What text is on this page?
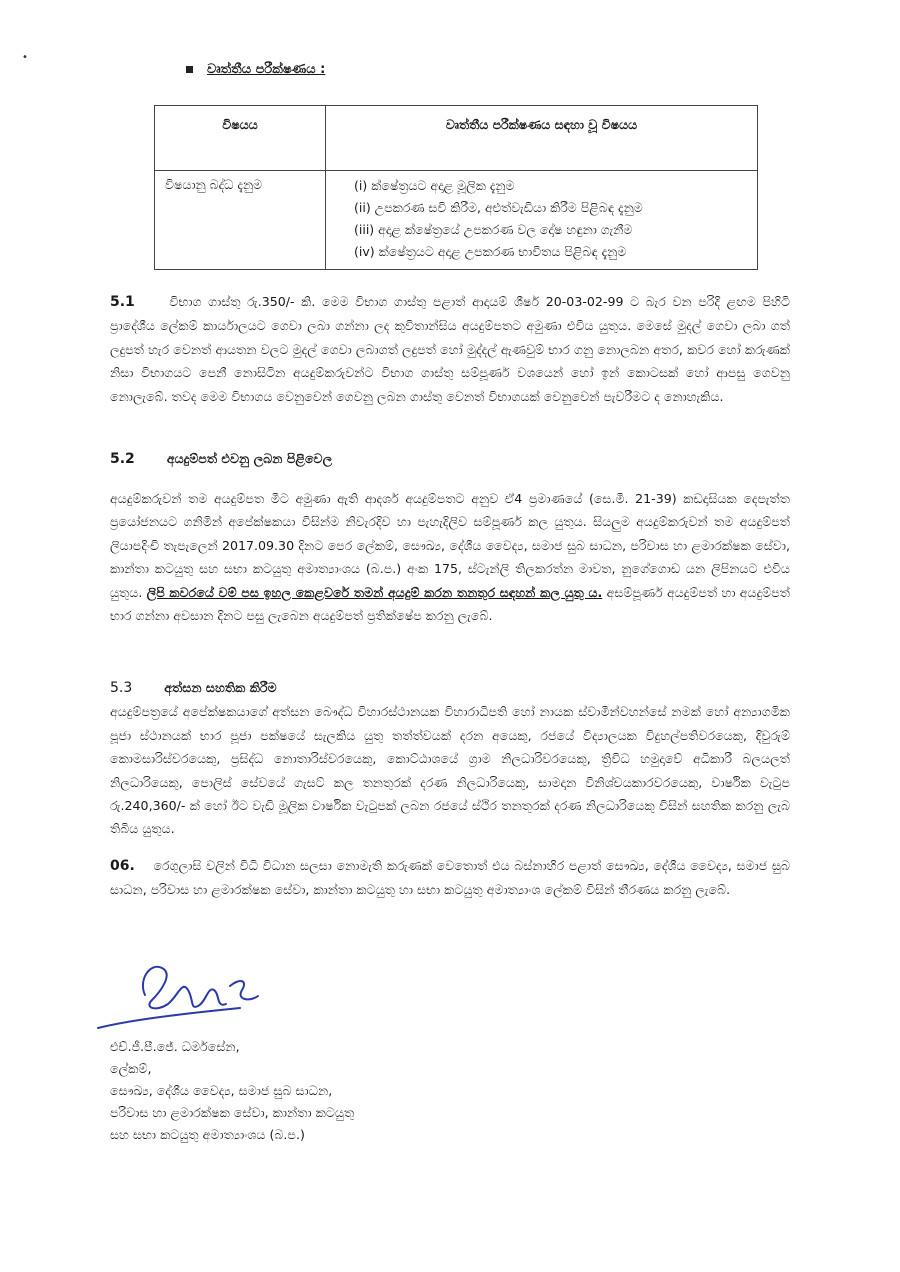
•
වෘත්තීය පරීක්ෂණය :
විෂයය	වෘත්තීය පරීක්ෂණය සඳහා වූ විෂයය
විෂයානු බද්ධ දැනුම	(i) ක්ෂේත්‍රයට අදාළ මූලික දැනුම
(ii) උපකරණ සවි කිරීම, අළුත්වැඩියා කිරීම පිළිබඳ දැනුම
(iii) අදාළ ක්ෂේත්‍රයේ උපකරණ වල දෝෂ හඳුනා ගැනීම
(iv) ක්ෂේත්‍රයට අදාළ උපකරණ භාවිතය පිළිබඳ දැනුම
5.1	විභාග ගාස්තු රු.350/- කි. මෙම විභාග ගාස්තු පළාත් ආදායම් ශීර්ෂ 20-03-02-99 ට බැර වන පරිදි ළඟම පිහිටි ප්‍රාදේශීය ලේකම් කාර්යාලයට ගෙවා ලබා ගන්නා ලද කුවිතාන්සිය අයදුම්පතට අමුණා එවිය යුතුය. මෙසේ මුදල් ගෙවා ලබා ගත් ලදුපත් හැර වෙනත් ආයතන වලට මුදල් ගෙවා ලබාගත් ලදුපත් හෝ මුද්දල් ඇණවුම් භාර ගනු නොලබන අතර, කවර හෝ කරුණක් නිසා විභාගයට පෙනී නොසිටින අයදුම්කරුවන්ට විභාග ගාස්තු සම්පූර්ණ වශයෙන් හෝ ඉන් කොටසක් හෝ ආපසු ගෙවනු නොලැබේ. තවද මෙම විභාගය වෙනුවෙන් ගෙවනු ලබන ගාස්තු වෙනත් විභාගයක් වෙනුවෙන් පැවරීමට ද නොහැකිය.
5.2	අයදුම්පත් එවනු ලබන පිළිවෙල
අයදුම්කරුවන් තම අයදුම්පත මීට අමුණා ඇති ආදර්ශ අයදුම්පතට අනුව ඒ4 ප්‍රමාණයේ (සෙ.මී. 21-39) කඩදාසියක දෙපැත්ත ප්‍රයෝජනයට ගනිමින් අපේක්ෂකයා විසින්ම නිවැරදිව හා පැහැදිලිව සම්පූර්ණ කල යුතුය. සියලුම අයදුම්කරුවන් තම අයදුම්පත් ලියාපදිංචි තැපැලෙන් 2017.09.30 දිනට පෙර ලේකම්, සෞඛ්‍ය, දේශීය වෛද්‍ය, සමාජ සුබ සාධන, පරිවාස හා ළමාරක්ෂක සේවා, කාන්තා කටයුතු සහ සභා කටයුතු අමාත්‍යාංශය (බ.ප.) අංක 175, ස්ටැන්ලි තිලකරත්න මාවත, නුගේගොඩ යන ලිපිනයට එවිය යුතුය. ලිපි කවරයේ වම් පස ඉහල කෙළවරේ තමන් අයදුම් කරන තනතුර සඳහන් කල යුතු ය. අසම්පූර්ණ අයදුම්පත් හා අයදුම්පත් භාර ගන්නා අවසාන දිනට පසු ලැබෙන අයදුම්පත් ප්‍රතික්ෂේප කරනු ලැබේ.
5.3	අත්සන සහතික කිරීම
අයදුම්පත්‍රයේ අපේක්ෂකයාගේ අත්සන බෞද්ධ විහාරස්ථානයක විහාරාධිපති හෝ නායක ස්වාමීන්වහන්සේ නමක් හෝ අන්‍යාගමික පූජා ස්ථානයක් භාර පූජා පක්ෂයේ සැලකිය යුතු තත්ත්වයක් දරන අයෙකු, රජයේ විද්‍යාලයක විදුහල්පතිවරයෙකු, දිවුරුම් කොමසාරිස්වරයෙකු, ප්‍රසිද්ධ නොතාරිස්වරයෙකු, කොට්ඨාශයේ ග්‍රාම නිලධාරිවරයෙකු, ත්‍රිවිධ හමුදාවේ අධිකාරී බලයලත් නිලධාරියෙකු, පොලිස් සේවයේ ගැසට් කල තනතුරක් දරණ නිලධාරියෙකු, සාමදාන විනිශ්චයකාරවරයෙකු, වාර්ෂික වැටුප රු.240,360/- ක් හෝ ඊට වැඩි මූලික වාර්ෂික වැටුපක් ලබන රජයේ ස්ථිර තනතුරක් දරණ නිලධාරියෙකු විසින් සහතික කරනු ලැබ තිබිය යුතුය.
06. රෙගුලාසි වලින් විධි විධාන සලසා නොමැති කරුණක් වෙතොත් එය බස්නාහිර පළාත් සෞඛ්‍ය, දේශීය වෛද්‍ය, සමාජ සුබ සාධන, පරිවාස හා ළමාරක්ෂක සේවා, කාන්තා කටයුතු හා සභා කටයුතු අමාත්‍යාංශ ලේකම් විසින් තීරණය කරනු ලැබේ.
එච්.ජී.පී.ජේ. ධර්මසේන,
ලේකම්,
සෞඛ්‍ය, දේශීය වෛද්‍ය, සමාජ සුබ සාධන,
පරිවාස හා ළමාරක්ෂක සේවා, කාන්තා කටයුතු
සහ සභා කටයුතු අමාත්‍යාංශය (බ.ප.)
